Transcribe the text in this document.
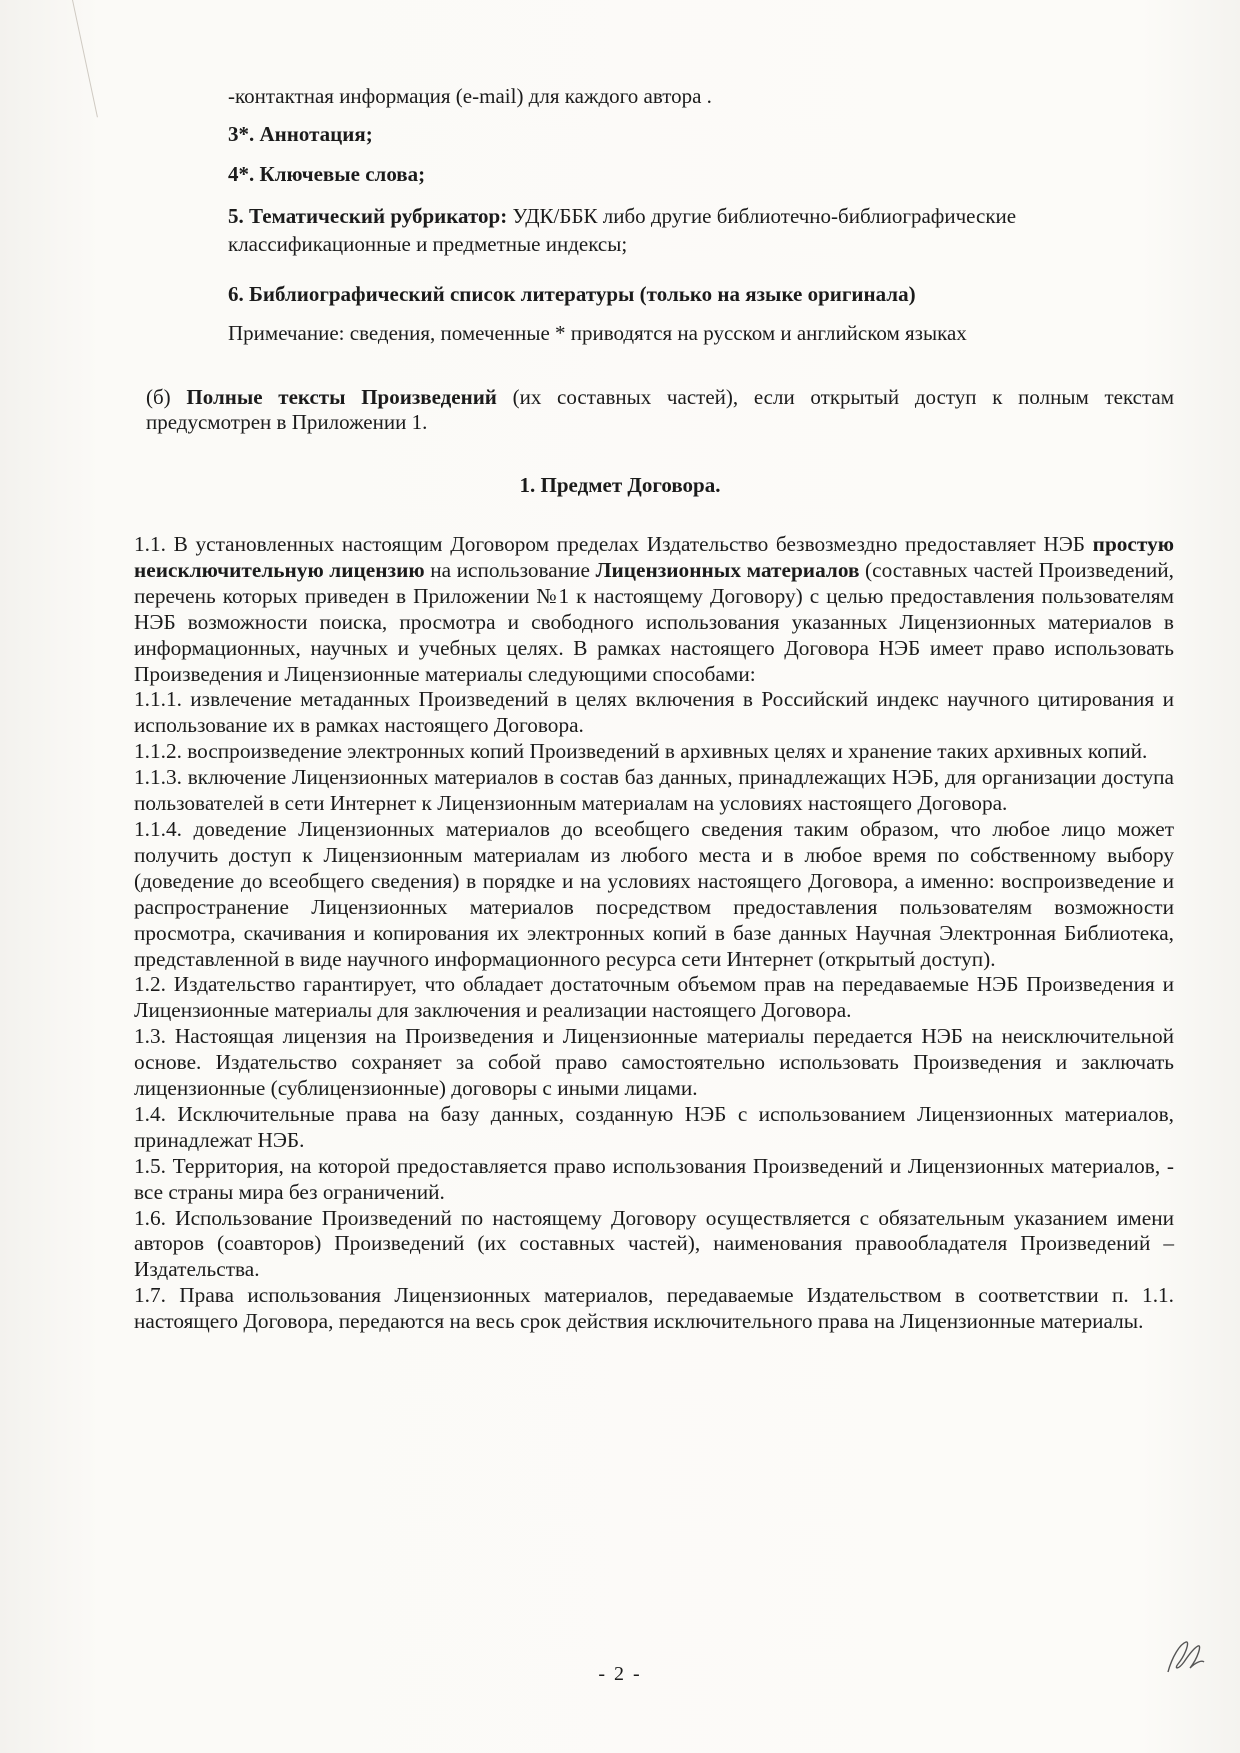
-контактная информация (e-mail) для каждого автора .

3*. Аннотация;

4*. Ключевые слова;

5. Тематический рубрикатор: УДК/ББК либо другие библиотечно-библиографические

классификационные и предметные индексы;

6. Библиографический список литературы (только на языке оригинала)

Примечание: сведения, помеченные * приводятся на русском и английском языках

(б) Полные тексты Произведений (их составных частей), если открытый доступ к полным текстам предусмотрен в Приложении 1.

1. Предмет Договора.

1.1. В установленных настоящим Договором пределах Издательство безвозмездно предоставляет НЭБ простую неисключительную лицензию на использование Лицензионных материалов (составных частей Произведений, перечень которых приведен в Приложении №1 к настоящему Договору) с целью предоставления пользователям НЭБ возможности поиска, просмотра и свободного использования указанных Лицензионных материалов в информационных, научных и учебных целях. В рамках настоящего Договора НЭБ имеет право использовать Произведения и Лицензионные материалы следующими способами:

1.1.1. извлечение метаданных Произведений в целях включения в Российский индекс научного цитирования и использование их в рамках настоящего Договора.

1.1.2. воспроизведение электронных копий Произведений в архивных целях и хранение таких архивных копий.

1.1.3. включение Лицензионных материалов в состав баз данных, принадлежащих НЭБ, для организации доступа пользователей в сети Интернет к Лицензионным материалам на условиях настоящего Договора.

1.1.4. доведение Лицензионных материалов до всеобщего сведения таким образом, что любое лицо может получить доступ к Лицензионным материалам из любого места и в любое время по собственному выбору (доведение до всеобщего сведения) в порядке и на условиях настоящего Договора, а именно: воспроизведение и распространение Лицензионных материалов посредством предоставления пользователям возможности просмотра, скачивания и копирования их электронных копий в базе данных Научная Электронная Библиотека, представленной в виде научного информационного ресурса сети Интернет (открытый доступ).

1.2. Издательство гарантирует, что обладает достаточным объемом прав на передаваемые НЭБ Произведения и Лицензионные материалы для заключения и реализации настоящего Договора.

1.3. Настоящая лицензия на Произведения и Лицензионные материалы передается НЭБ на неисключительной основе. Издательство сохраняет за собой право самостоятельно использовать Произведения и заключать лицензионные (сублицензионные) договоры с иными лицами.

1.4. Исключительные права на базу данных, созданную НЭБ с использованием Лицензионных материалов, принадлежат НЭБ.

1.5. Территория, на которой предоставляется право использования Произведений и Лицензионных материалов, - все страны мира без ограничений.

1.6. Использование Произведений по настоящему Договору осуществляется с обязательным указанием имени авторов (соавторов) Произведений (их составных частей), наименования правообладателя Произведений – Издательства.

1.7. Права использования Лицензионных материалов, передаваемые Издательством в соответствии п. 1.1. настоящего Договора, передаются на весь срок действия исключительного права на Лицензионные материалы.

- 2 -
